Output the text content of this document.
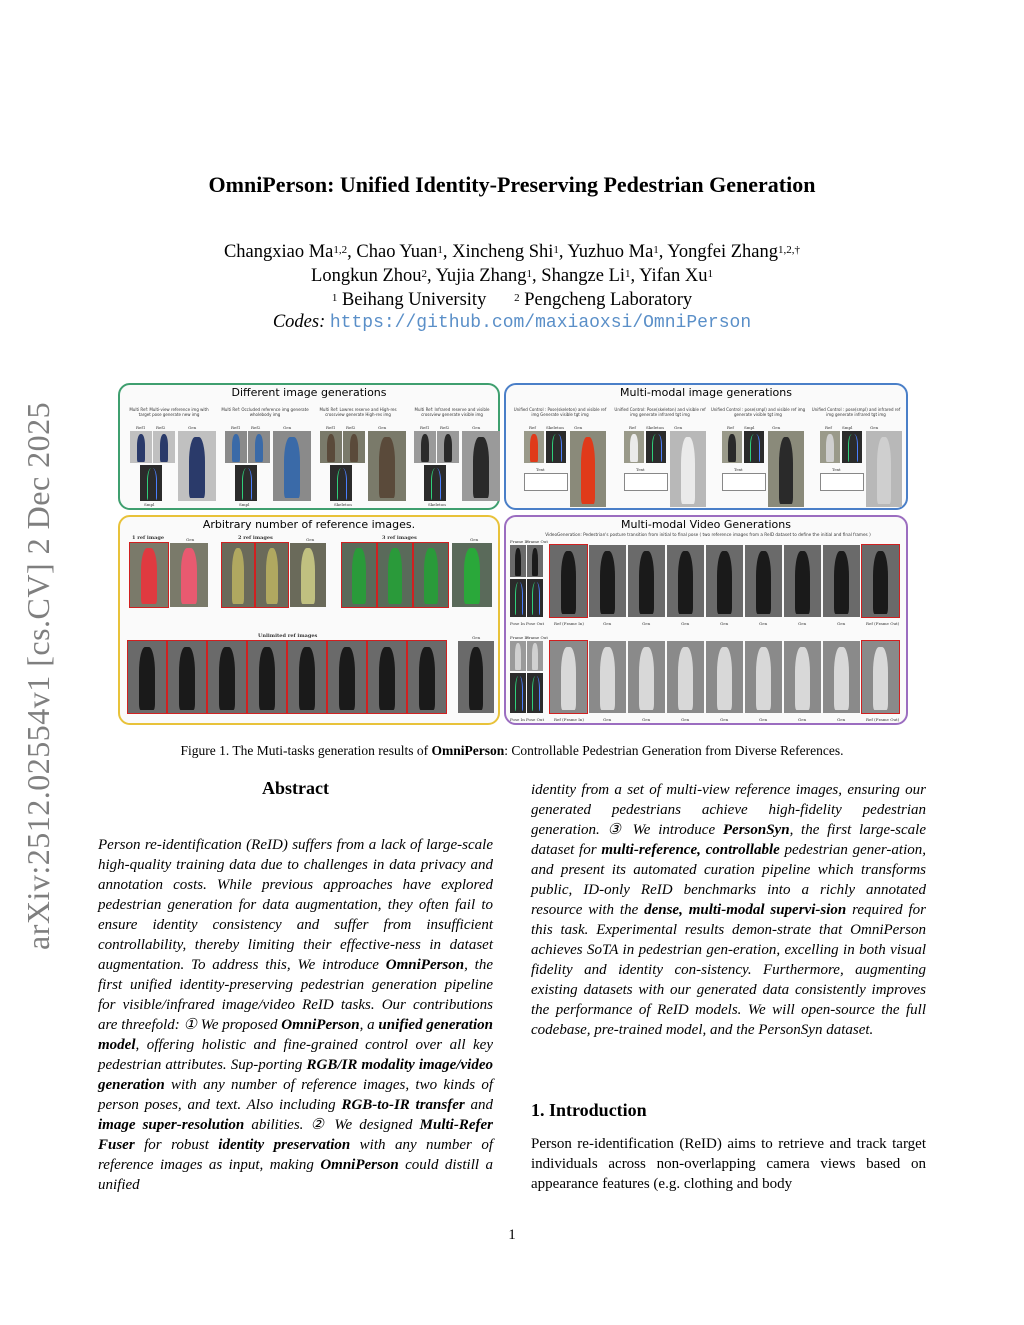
OmniPerson: Unified Identity-Preserving Pedestrian Generation
Changxiao Ma$^{1,2}$, Chao Yuan$^1$, Xincheng Shi$^1$, Yuzhuo Ma$^1$, Yongfei Zhang$^{1,2,\dagger}$
Longkun Zhou$^2$, Yujia Zhang$^1$, Shangze Li$^1$, Yifan Xu$^1$
$^1$ Beihang University	$^2$ Pengcheng Laboratory
Codes: https://github.com/maxiaoxsi/OmniPerson
arXiv:2512.02554v1 [cs.CV] 2 Dec 2025
Different image generations
Multi Ref: Multi-view reference img with target pose generate new img
Multi Ref: Occluded reference img generate wholebody img
Multi Ref: Lowres reserve and High-res crossview generate High-res img
Multi Ref: Infrared reserve and visible crossview generate visible img
Ref1	Ref2	Gen
Smpl
Ref1	Ref2	Gen
Smpl
Ref1	Ref2	Gen
Skeleton
Ref1	Ref2	Gen
Skeleton
Multi-modal image generations
Unified Control : Pose(skeleton) and visible ref img Generate visible tgt img
Unified Control: Pose(skeleton) and visible ref img generate infrared tgt img
Unified Control : pose(smpl) and visible ref img generate visible tgt img
Unified Control : pose(smpl) and infrared ref img generate infrared tgt img
Ref	Skeleton	Gen
Text
Ref	Skeleton	Gen
Text
Ref	Smpl	Gen
Text
Ref	Smpl	Gen
Text
Arbitrary number of reference images.
1 ref image	2 ref images	3 ref images
Unlimited ref images
Gen	Gen	Gen
Gen
Multi-modal Video Generations
VideoGeneration: Pedestrian's posture transition from initial to final pose ( two reference images from a ReID dataset to define the initial and final frames )
Frame In
Frame Out
Pose In Pose Out Ref (Frame In)	Gen	Gen	Gen	Gen	Gen	Gen	Gen	Ref (Frame Out)
Frame In
Frame Out
Pose In Pose Out Ref (Frame In)	Gen	Gen	Gen	Gen	Gen	Gen	Gen	Ref (Frame Out)
Figure 1. The Muti-tasks generation results of OmniPerson: Controllable Pedestrian Generation from Diverse References.
Abstract
Person re-identification (ReID) suffers from a lack of large-scale high-quality training data due to challenges in data privacy and annotation costs. While previous approaches have explored pedestrian generation for data augmentation, they often fail to ensure identity consistency and suffer from insufficient controllability, thereby limiting their effective-ness in dataset augmentation. To address this, We introduce OmniPerson, the first unified identity-preserving pedestrian generation pipeline for visible/infrared image/video ReID tasks. Our contributions are threefold: ① We proposed OmniPerson, a unified generation model, offering holistic and fine-grained control over all key pedestrian attributes. Sup-porting RGB/IR modality image/video generation with any number of reference images, two kinds of person poses, and text. Also including RGB-to-IR transfer and image super-resolution abilities. ② We designed Multi-Refer Fuser for robust identity preservation with any number of reference images as input, making OmniPerson could distill a unified
identity from a set of multi-view reference images, ensuring our generated pedestrians achieve high-fidelity pedestrian generation. ③ We introduce PersonSyn, the first large-scale dataset for multi-reference, controllable pedestrian gener-ation, and present its automated curation pipeline which transforms public, ID-only ReID benchmarks into a richly annotated resource with the dense, multi-modal supervi-sion required for this task. Experimental results demon-strate that OmniPerson achieves SoTA in pedestrian gen-eration, excelling in both visual fidelity and identity con-sistency. Furthermore, augmenting existing datasets with our generated data consistently improves the performance of ReID models. We will open-source the full codebase, pre-trained model, and the PersonSyn dataset.
1. Introduction
Person re-identification (ReID) aims to retrieve and track target individuals across non-overlapping camera views based on appearance features (e.g. clothing and body
1
